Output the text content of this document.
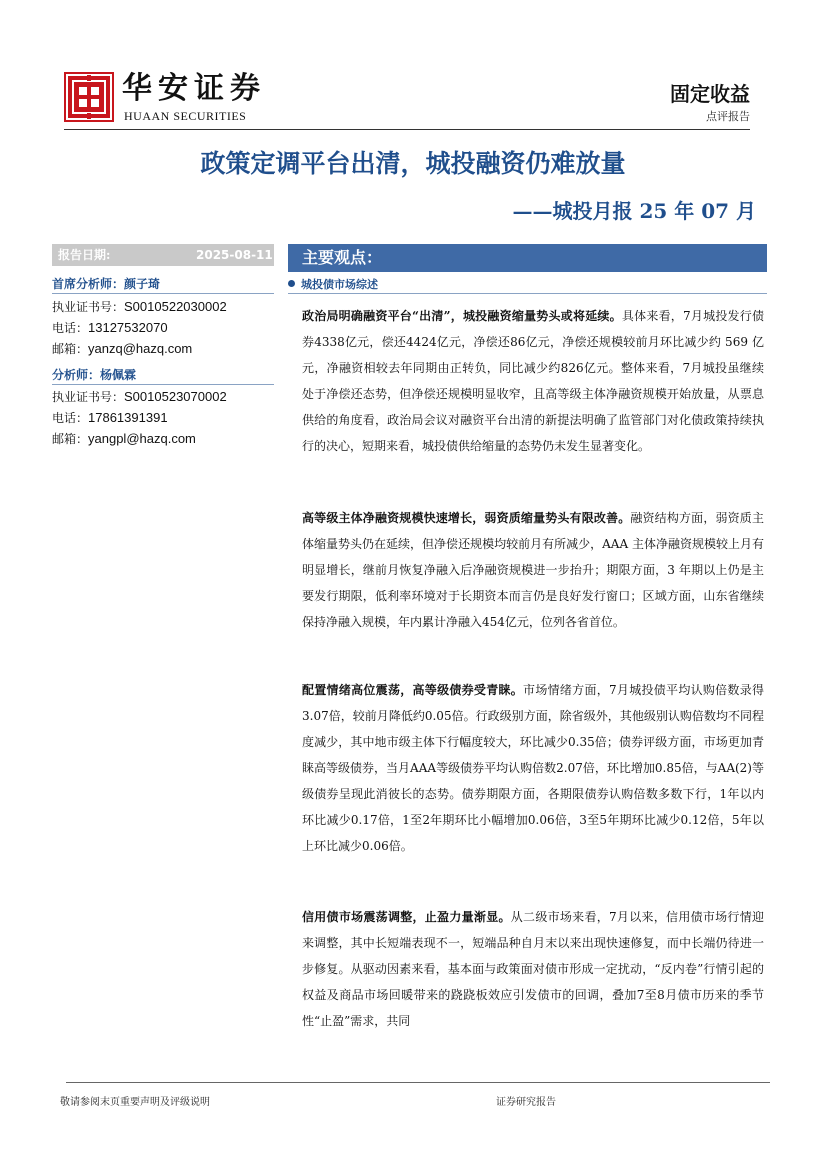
华安证券
HUAAN SECURITIES
固定收益
点评报告
政策定调平台出清，城投融资仍难放量
——城投月报 25 年 07 月
报告日期:	2025-08-11
首席分析师：颜子琦
执业证书号：S0010522030002
电话：13127532070
邮箱：yanzq@hazq.com
分析师：杨佩霖
执业证书号：S0010523070002
电话：17861391391
邮箱：yangpl@hazq.com
主要观点：
城投债市场综述

政治局明确融资平台“出清”，城投融资缩量势头或将延续。具体来看，7月城投发行债券4338亿元，偿还4424亿元，净偿还86亿元，净偿还规模较前月环比减少约 569 亿元，净融资相较去年同期由正转负，同比减少约826亿元。整体来看，7月城投虽继续处于净偿还态势，但净偿还规模明显收窄，且高等级主体净融资规模开始放量，从票息供给的角度看，政治局会议对融资平台出清的新提法明确了监管部门对化债政策持续执行的决心，短期来看，城投债供给缩量的态势仍未发生显著变化。

高等级主体净融资规模快速增长，弱资质缩量势头有限改善。融资结构方面，弱资质主体缩量势头仍在延续，但净偿还规模均较前月有所减少，AAA 主体净融资规模较上月有明显增长，继前月恢复净融入后净融资规模进一步抬升；期限方面，3 年期以上仍是主要发行期限，低利率环境对于长期资本而言仍是良好发行窗口；区域方面，山东省继续保持净融入规模，年内累计净融入454亿元，位列各省首位。

配置情绪高位震荡，高等级债券受青睐。市场情绪方面，7月城投债平均认购倍数录得3.07倍，较前月降低约0.05倍。行政级别方面，除省级外，其他级别认购倍数均不同程度减少，其中地市级主体下行幅度较大，环比减少0.35倍；债券评级方面，市场更加青睐高等级债券，当月AAA等级债券平均认购倍数2.07倍，环比增加0.85倍，与AA(2)等级债券呈现此消彼长的态势。债券期限方面，各期限债券认购倍数多数下行，1年以内环比减少0.17倍，1至2年期环比小幅增加0.06倍，3至5年期环比减少0.12倍，5年以上环比减少0.06倍。

信用债市场震荡调整，止盈力量渐显。从二级市场来看，7月以来，信用债市场行情迎来调整，其中长短端表现不一，短端品种自月末以来出现快速修复，而中长端仍待进一步修复。从驱动因素来看，基本面与政策面对债市形成一定扰动，“反内卷”行情引起的权益及商品市场回暖带来的跷跷板效应引发债市的回调，叠加7至8月债市历来的季节性“止盈”需求，共同

敬请参阅末页重要声明及评级说明	证券研究报告
